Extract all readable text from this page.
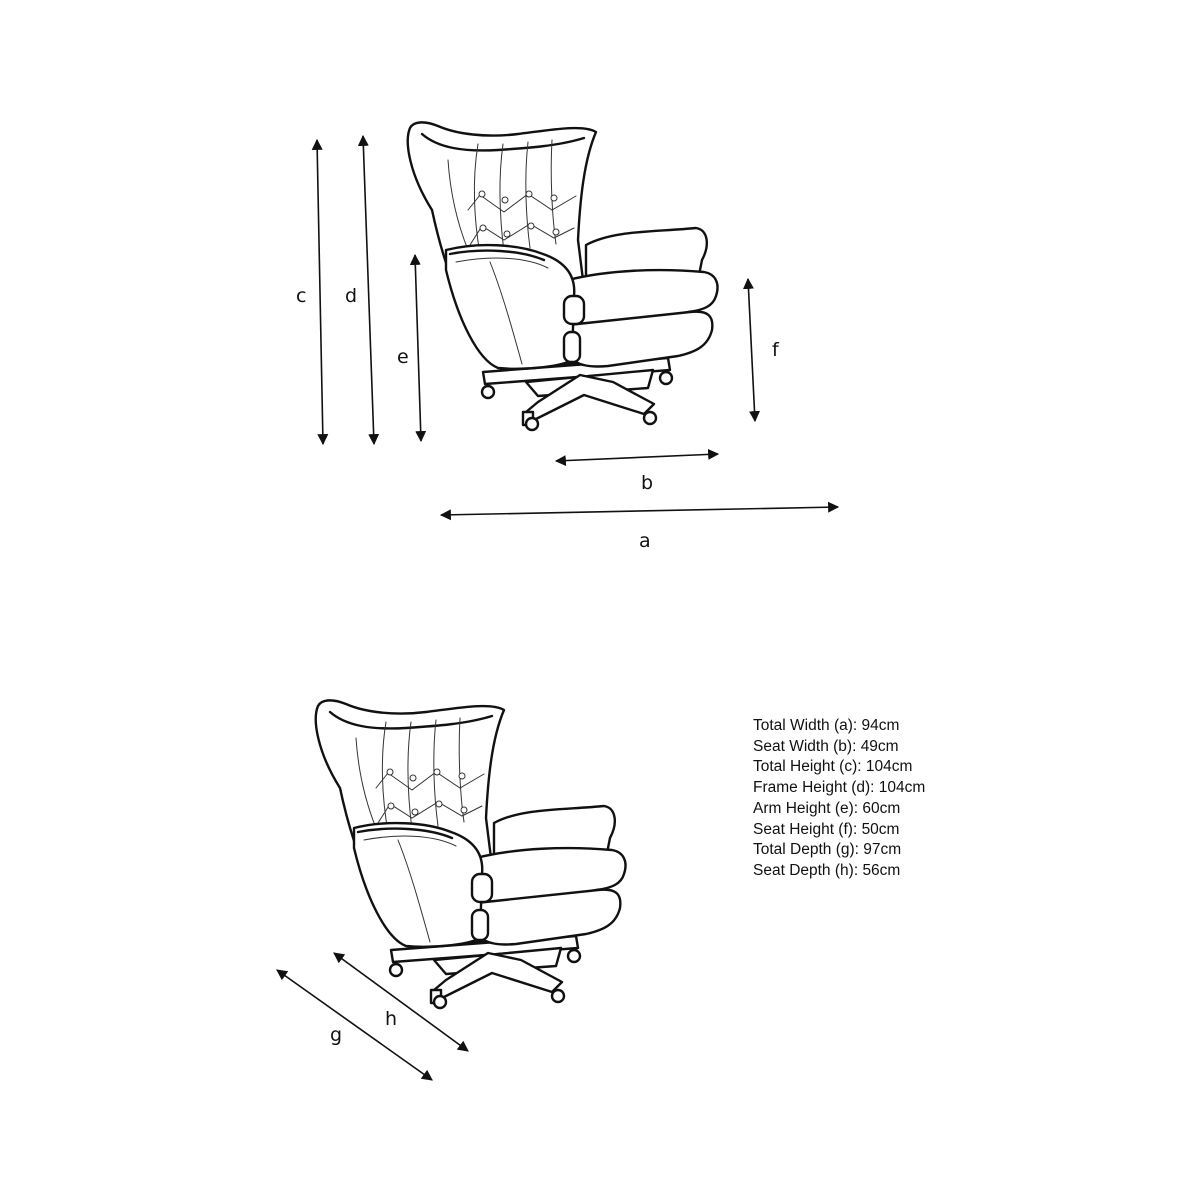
c d
e	f
b
a
g
h
Total Width (a): 94cm
Seat Width (b): 49cm
Total Height (c): 104cm
Frame Height (d): 104cm
Arm Height (e): 60cm
Seat Height (f): 50cm
Total Depth (g): 97cm
Seat Depth (h): 56cm
